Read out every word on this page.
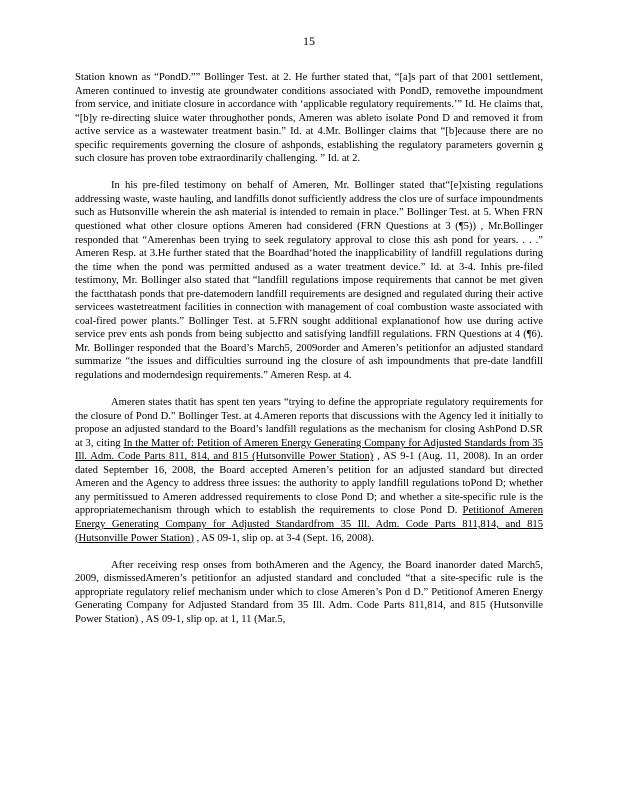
15

Station known as “PondD.”” Bollinger Test. at 2. He further stated that, “[a]s part of that 2001 settlement, Ameren continued to investig ate groundwater conditions associated with PondD, removethe impoundment from service, and initiate closure in accordance with ‘applicable regulatory requirements.’” Id. He claims that, “[b]y re-directing sluice water throughother ponds, Ameren was ableto isolate Pond D and removed it from active service as a wastewater treatment basin.” Id. at 4.Mr. Bollinger claims that “[b]ecause there are no specific requirements governing the closure of ashponds, establishing the regulatory parameters governin g such closure has proven tobe extraordinarily challenging. ” Id. at 2.

In his pre-filed testimony on behalf of Ameren, Mr. Bollinger stated that“[e]xisting regulations addressing waste, waste hauling, and landfills donot sufficiently address the clos ure of surface impoundments such as Hutsonville wherein the ash material is intended to remain in place.” Bollinger Test. at 5. When FRN questioned what other closure options Ameren had considered (FRN Questions at 3 (¶5)) , Mr.Bollinger responded that “Amerenhas been trying to seek regulatory approval to close this ash pond for years. . . .” Ameren Resp. at 3.He further stated that the Boardhad‘hoted the inapplicability of landfill regulations during the time when the pond was permitted andused as a water treatment device.” Id. at 3-4. Inhis pre-filed testimony, Mr. Bollinger also stated that “landfill regulations impose requirements that cannot be met given the factthatash ponds that pre-datemodern landfill requirements are designed and regulated during their active servicees wastetreatment facilities in connection with management of coal combustion waste associated with coal-fired power plants.” Bollinger Test. at 5.FRN sought additional explanationof how use during active service prev ents ash ponds from being subjectto and satisfying landfill regulations. FRN Questions at 4 (¶6). Mr. Bollinger responded that the Board’s March5, 2009order and Ameren’s petitionfor an adjusted standard summarize “the issues and difficulties surround ing the closure of ash impoundments that pre-date landfill regulations and moderndesign requirements.” Ameren Resp. at 4.

Ameren states thatit has spent ten years “trying to define the appropriate regulatory requirements for the closure of Pond D.” Bollinger Test. at 4.Ameren reports that discussions with the Agency led it initially to propose an adjusted standard to the Board’s landfill regulations as the mechanism for closing AshPond D.SR at 3, citing In the Matter of: Petition of Ameren Energy Generating Company for Adjusted Standards from 35 Ill. Adm. Code Parts 811, 814, and 815 (Hutsonville Power Station) , AS 9-1 (Aug. 11, 2008). In an order dated September 16, 2008, the Board accepted Ameren’s petition for an adjusted standard but directed Ameren and the Agency to address three issues: the authority to apply landfill regulations toPond D; whether any permitissued to Ameren addressed requirements to close Pond D; and whether a site-specific rule is the appropriatemechanism through which to establish the requirements to close Pond D. Petitionof Ameren Energy Generating Company for Adjusted Standardfrom 35 Ill. Adm. Code Parts 811,814, and 815 (Hutsonville Power Station) , AS 09-1, slip op. at 3-4 (Sept. 16, 2008).

After receiving resp onses from bothAmeren and the Agency, the Board inanorder dated March5, 2009, dismissedAmeren’s petitionfor an adjusted standard and concluded “that a site-specific rule is the appropriate regulatory relief mechanism under which to close Ameren’s Pon d D.” Petitionof Ameren Energy Generating Company for Adjusted Standard from 35 Ill. Adm. Code Parts 811,814, and 815 (Hutsonville Power Station) , AS 09-1, slip op. at 1, 11 (Mar.5,
